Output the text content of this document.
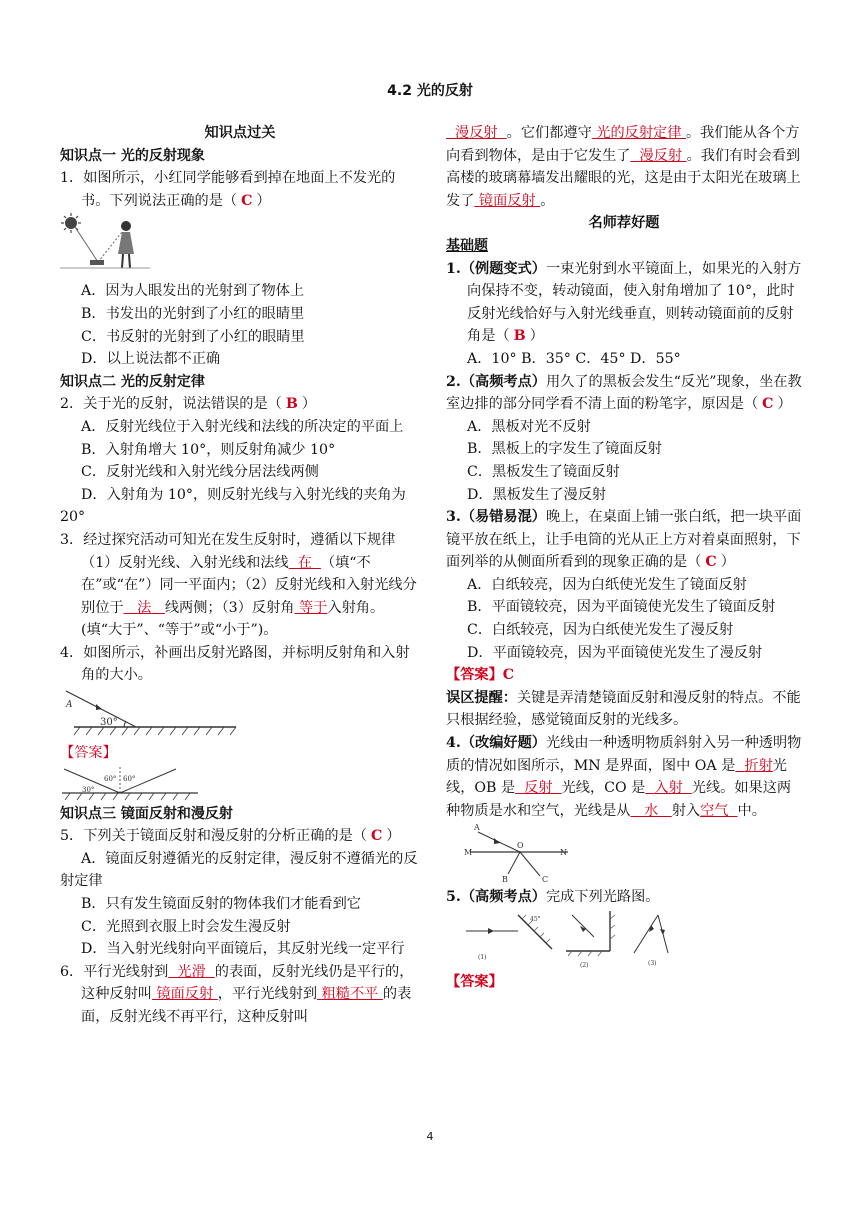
4.2 光的反射

知识点过关

知识点一 光的反射现象

1．如图所示，小红同学能够看到掉在地面上不发光的书。下列说法正确的是（ C ）

A．因为人眼发出的光射到了物体上

B．书发出的光射到了小红的眼睛里

C．书反射的光射到了小红的眼睛里

D．以上说法都不正确

知识点二 光的反射定律

2．关于光的反射，说法错误的是（ B ）

A．反射光线位于入射光线和法线的所决定的平面上

B．入射角增大 10°，则反射角减少 10°

C．反射光线和入射光线分居法线两侧

D．入射角为 10°，则反射光线与入射光线的夹角为 20°

3．经过探究活动可知光在发生反射时，遵循以下规律（1）反射光线、入射光线和法线 在 （填“不在”或“在”）同一平面内；（2）反射光线和入射光线分别位于 法 线两侧；（3）反射角 等于入射角。(填“大于”、“等于”或“小于”)。

4．如图所示，补画出反射光路图，并标明反射角和入射角的大小。

A
30°

【答案】

60° 60°
30°

知识点三 镜面反射和漫反射

5．下列关于镜面反射和漫反射的分析正确的是（ C ）

A．镜面反射遵循光的反射定律，漫反射不遵循光的反射定律

B．只有发生镜面反射的物体我们才能看到它

C．光照到衣服上时会发生漫反射

D．当入射光线射向平面镜后，其反射光线一定平行

6．平行光线射到 光滑 的表面，反射光线仍是平行的，这种反射叫 镜面反射 ，平行光线射到 粗糙不平 的表面，反射光线不再平行，这种反射叫

漫反射 。它们都遵守 光的反射定律 。我们能从各个方向看到物体，是由于它发生了 漫反射 。我们有时会看到高楼的玻璃幕墙发出耀眼的光，这是由于太阳光在玻璃上发了 镜面反射 。

名师荐好题

基础题

1.（例题变式）一束光射到水平镜面上，如果光的入射方向保持不变，转动镜面，使入射角增加了 10°，此时反射光线恰好与入射光线垂直，则转动镜面前的反射角是（ B ）

A．10° B．35° C．45° D．55°

2.（高频考点）用久了的黑板会发生“反光”现象，坐在教室边排的部分同学看不清上面的粉笔字，原因是（ C ）

A．黑板对光不反射

B．黑板上的字发生了镜面反射

C．黑板发生了镜面反射

D．黑板发生了漫反射

3.（易错易混）晚上，在桌面上铺一张白纸，把一块平面镜平放在纸上，让手电筒的光从正上方对着桌面照射，下面列举的从侧面所看到的现象正确的是（ C ）

A．白纸较亮，因为白纸使光发生了镜面反射

B．平面镜较亮，因为平面镜使光发生了镜面反射

C．白纸较亮，因为白纸使光发生了漫反射

D．平面镜较亮，因为平面镜使光发生了漫反射

【答案】C

误区提醒：关键是弄清楚镜面反射和漫反射的特点。不能只根据经验，感觉镜面反射的光线多。

4.（改编好题）光线由一种透明物质斜射入另一种透明物质的情况如图所示，MN 是界面，图中 OA 是 折射光线，OB 是 反射 光线，CO 是 入射 光线。如果这两种物质是水和空气，光线是从 水 射入空气 中。

A
M
O
N
B	C

5.（高频考点）完成下列光路图。

45°
(1)
(2)	(3)

【答案】

4
